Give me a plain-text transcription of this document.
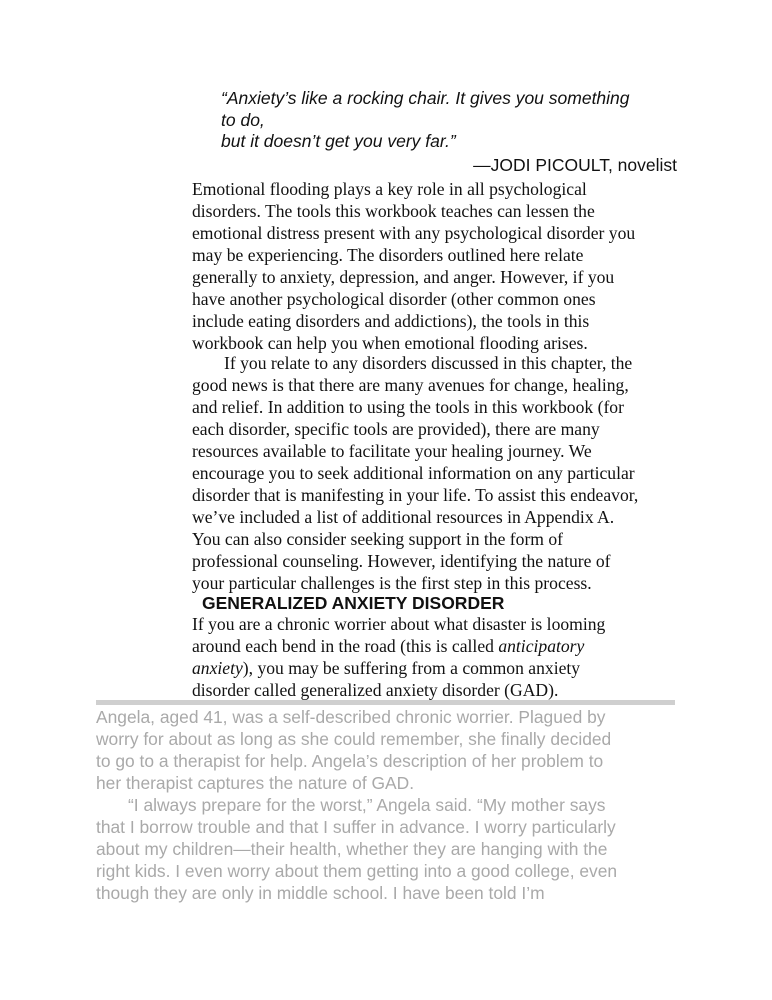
“Anxiety’s like a rocking chair. It gives you something
to do,
but it doesn’t get you very far.”
—JODI PICOULT, novelist

Emotional flooding plays a key role in all psychological
disorders. The tools this workbook teaches can lessen the
emotional distress present with any psychological disorder you
may be experiencing. The disorders outlined here relate
generally to anxiety, depression, and anger. However, if you
have another psychological disorder (other common ones
include eating disorders and addictions), the tools in this
workbook can help you when emotional flooding arises.

If you relate to any disorders discussed in this chapter, the
good news is that there are many avenues for change, healing,
and relief. In addition to using the tools in this workbook (for
each disorder, specific tools are provided), there are many
resources available to facilitate your healing journey. We
encourage you to seek additional information on any particular
disorder that is manifesting in your life. To assist this endeavor,
we’ve included a list of additional resources in Appendix A.
You can also consider seeking support in the form of
professional counseling. However, identifying the nature of
your particular challenges is the first step in this process.

GENERALIZED ANXIETY DISORDER

If you are a chronic worrier about what disaster is looming
around each bend in the road (this is called anticipatory
anxiety), you may be suffering from a common anxiety
disorder called generalized anxiety disorder (GAD).

Angela, aged 41, was a self-described chronic worrier. Plagued by
worry for about as long as she could remember, she finally decided
to go to a therapist for help. Angela’s description of her problem to
her therapist captures the nature of GAD.

“I always prepare for the worst,” Angela said. “My mother says
that I borrow trouble and that I suffer in advance. I worry particularly
about my children—their health, whether they are hanging with the
right kids. I even worry about them getting into a good college, even
though they are only in middle school. I have been told I’m
